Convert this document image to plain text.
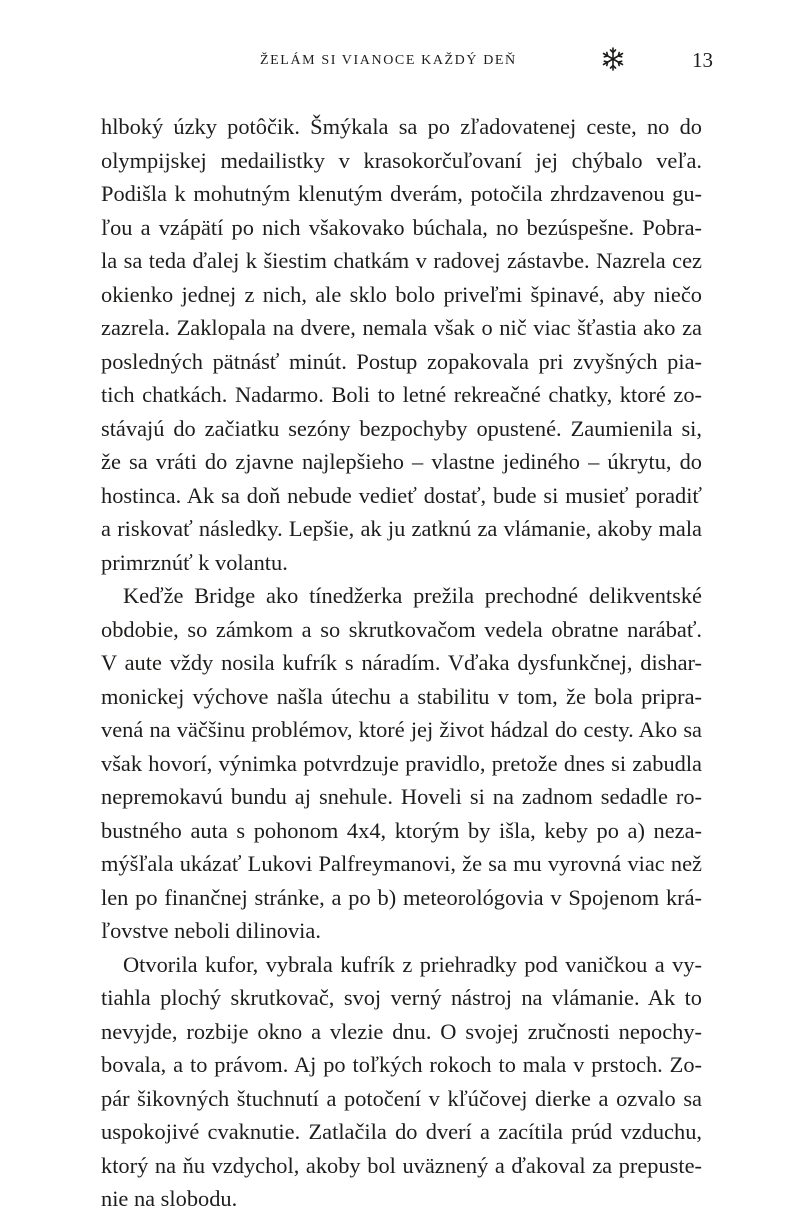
ŽELÁM SI VIANOCE KAŽDÝ DEŇ	13

hlboký úzky potôčik. Šmýkala sa po zľadovatenej ceste, no do
olympijskej medailistky v krasokorčuľovaní jej chýbalo veľa.
Podišla k mohutným klenutým dverám, potočila zhrdzavenou gu-
ľou a vzápätí po nich všakovako búchala, no bezúspešne. Pobra-
la sa teda ďalej k šiestim chatkám v radovej zástavbe. Nazrela cez
okienko jednej z nich, ale sklo bolo priveľmi špinavé, aby niečo
zazrela. Zaklopala na dvere, nemala však o nič viac šťastia ako za
posledných pätnásť minút. Postup zopakovala pri zvyšných pia-
tich chatkách. Nadarmo. Boli to letné rekreačné chatky, ktoré zo-
stávajú do začiatku sezóny bezpochyby opustené. Zaumienila si,
že sa vráti do zjavne najlepšieho – vlastne jediného – úkrytu, do
hostinca. Ak sa doň nebude vedieť dostať, bude si musieť poradiť
a riskovať následky. Lepšie, ak ju zatknú za vlámanie, akoby mala
primrznúť k volantu.

Keďže Bridge ako tínedžerka prežila prechodné delikventské
obdobie, so zámkom a so skrutkovačom vedela obratne narábať.
V aute vždy nosila kufrík s náradím. Vďaka dysfunkčnej, dishar-
monickej výchove našla útechu a stabilitu v tom, že bola pripra-
vená na väčšinu problémov, ktoré jej život hádzal do cesty. Ako sa
však hovorí, výnimka potvrdzuje pravidlo, pretože dnes si zabudla
nepremokavú bundu aj snehule. Hoveli si na zadnom sedadle ro-
bustného auta s pohonom 4x4, ktorým by išla, keby po a) neza-
mýšľala ukázať Lukovi Palfreymanovi, že sa mu vyrovná viac než
len po finančnej stránke, a po b) meteorológovia v Spojenom krá-
ľovstve neboli dilinovia.

Otvorila kufor, vybrala kufrík z priehradky pod vaničkou a vy-
tiahla plochý skrutkovač, svoj verný nástroj na vlámanie. Ak to
nevyjde, rozbije okno a vlezie dnu. O svojej zručnosti nepochy-
bovala, a to právom. Aj po toľkých rokoch to mala v prstoch. Zo-
pár šikovných štuchnutí a potočení v kľúčovej dierke a ozvalo sa
uspokojivé cvaknutie. Zatlačila do dverí a zacítila prúd vzduchu,
ktorý na ňu vzdychol, akoby bol uväznený a ďakoval za prepuste-
nie na slobodu.
